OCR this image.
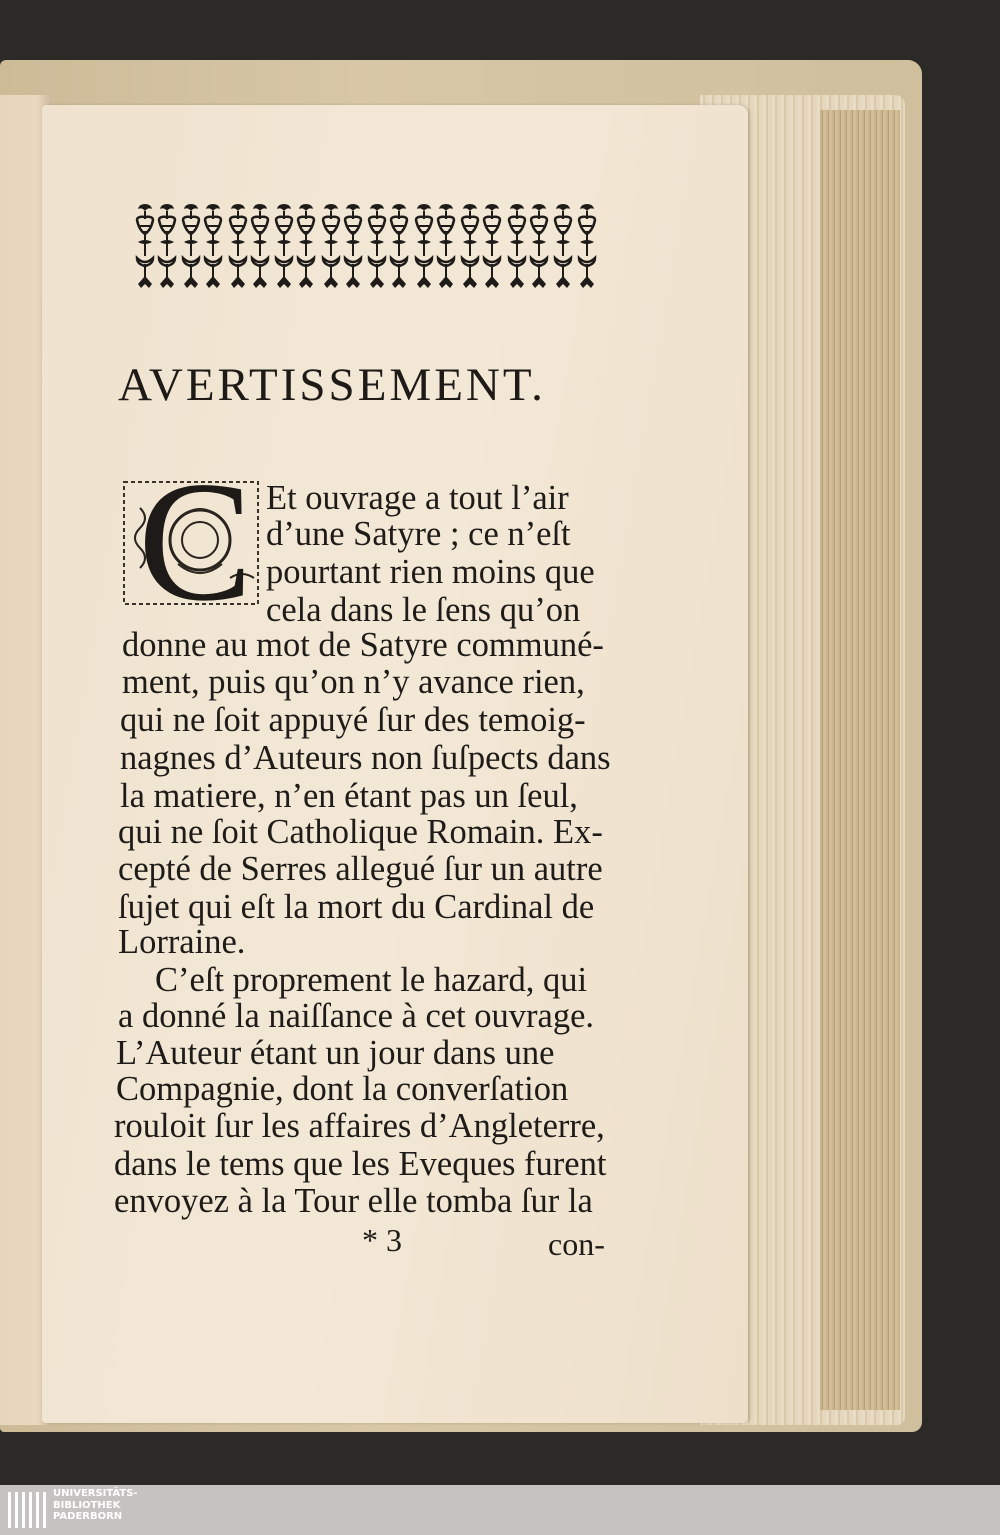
AVERTISSEMENT.
C Et ouvrage a tout l’air
d’une Satyre ; ce n’eſt
pourtant rien moins que
cela dans le ſens qu’on
donne au mot de Satyre communé-
ment, puis qu’on n’y avance rien,
qui ne ſoit appuyé ſur des temoig-
nagnes d’Auteurs non ſuſpects dans
la matiere, n’en étant pas un ſeul,
qui ne ſoit Catholique Romain. Ex-
cepté de Serres allegué ſur un autre
ſujet qui eſt la mort du Cardinal de
Lorraine.
C’eſt proprement le hazard, qui
a donné la naiſſance à cet ouvrage.
L’Auteur étant un jour dans une
Compagnie, dont la converſation
rouloit ſur les affaires d’Angleterre,
dans le tems que les Eveques furent
envoyez à la Tour elle tomba ſur la
* 3	con-
UNIVERSITÄTS-
BIBLIOTHEK
PADERBORN
